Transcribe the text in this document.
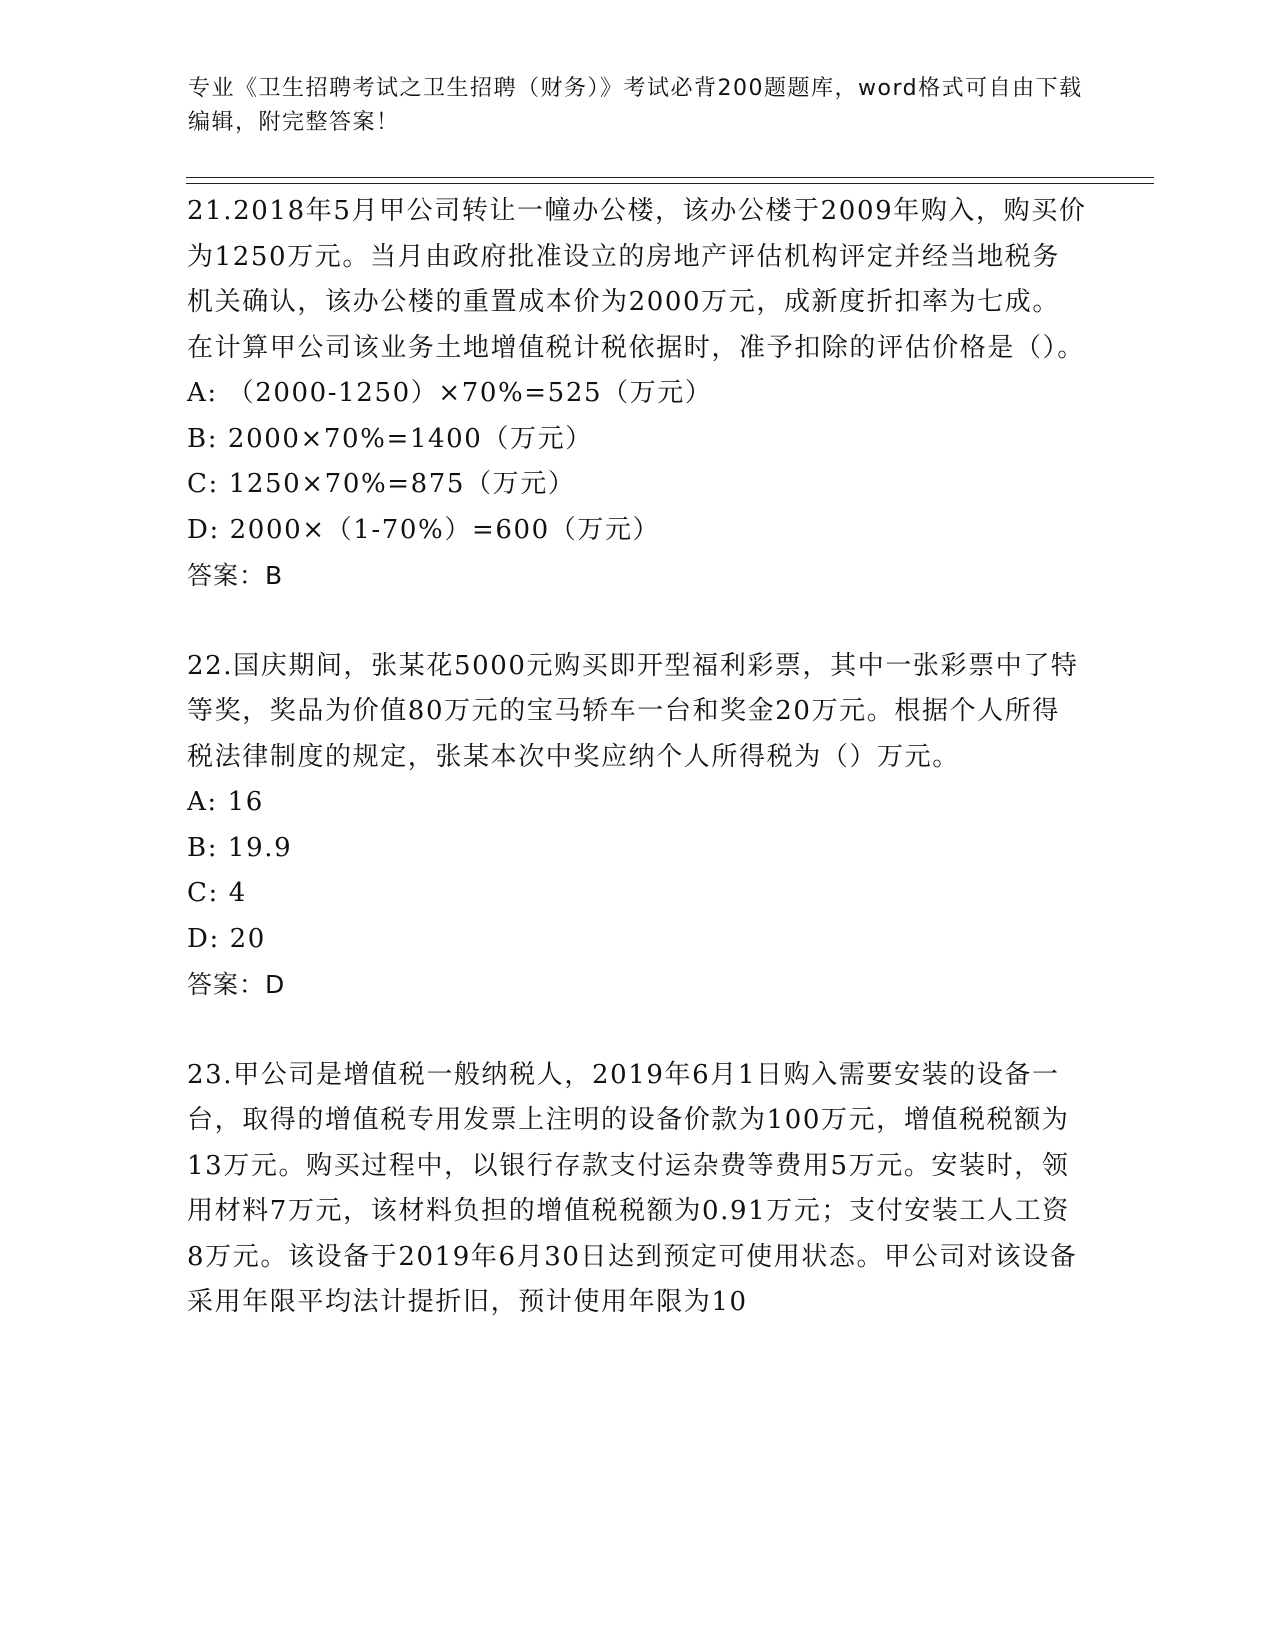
专业《卫生招聘考试之卫生招聘（财务）》考试必背200题题库，word格式可自由下载编辑，附完整答案！

21.2018年5月甲公司转让一幢办公楼，该办公楼于2009年购入，购买价为1250万元。当月由政府批准设立的房地产评估机构评定并经当地税务机关确认，该办公楼的重置成本价为2000万元，成新度折扣率为七成。在计算甲公司该业务土地增值税计税依据时，准予扣除的评估价格是（）。

A: （2000-1250）×70%=525（万元）

B: 2000×70%=1400（万元）

C: 1250×70%=875（万元）

D: 2000×（1-70%）=600（万元）

答案：B

22.国庆期间，张某花5000元购买即开型福利彩票，其中一张彩票中了特等奖，奖品为价值80万元的宝马轿车一台和奖金20万元。根据个人所得税法律制度的规定，张某本次中奖应纳个人所得税为（）万元。

A: 16

B: 19.9

C: 4

D: 20

答案：D

23.甲公司是增值税一般纳税人，2019年6月1日购入需要安装的设备一台，取得的增值税专用发票上注明的设备价款为100万元，增值税税额为13万元。购买过程中，以银行存款支付运杂费等费用5万元。安装时，领用材料7万元，该材料负担的增值税税额为0.91万元；支付安装工人工资8万元。该设备于2019年6月30日达到预定可使用状态。甲公司对该设备采用年限平均法计提折旧，预计使用年限为10
